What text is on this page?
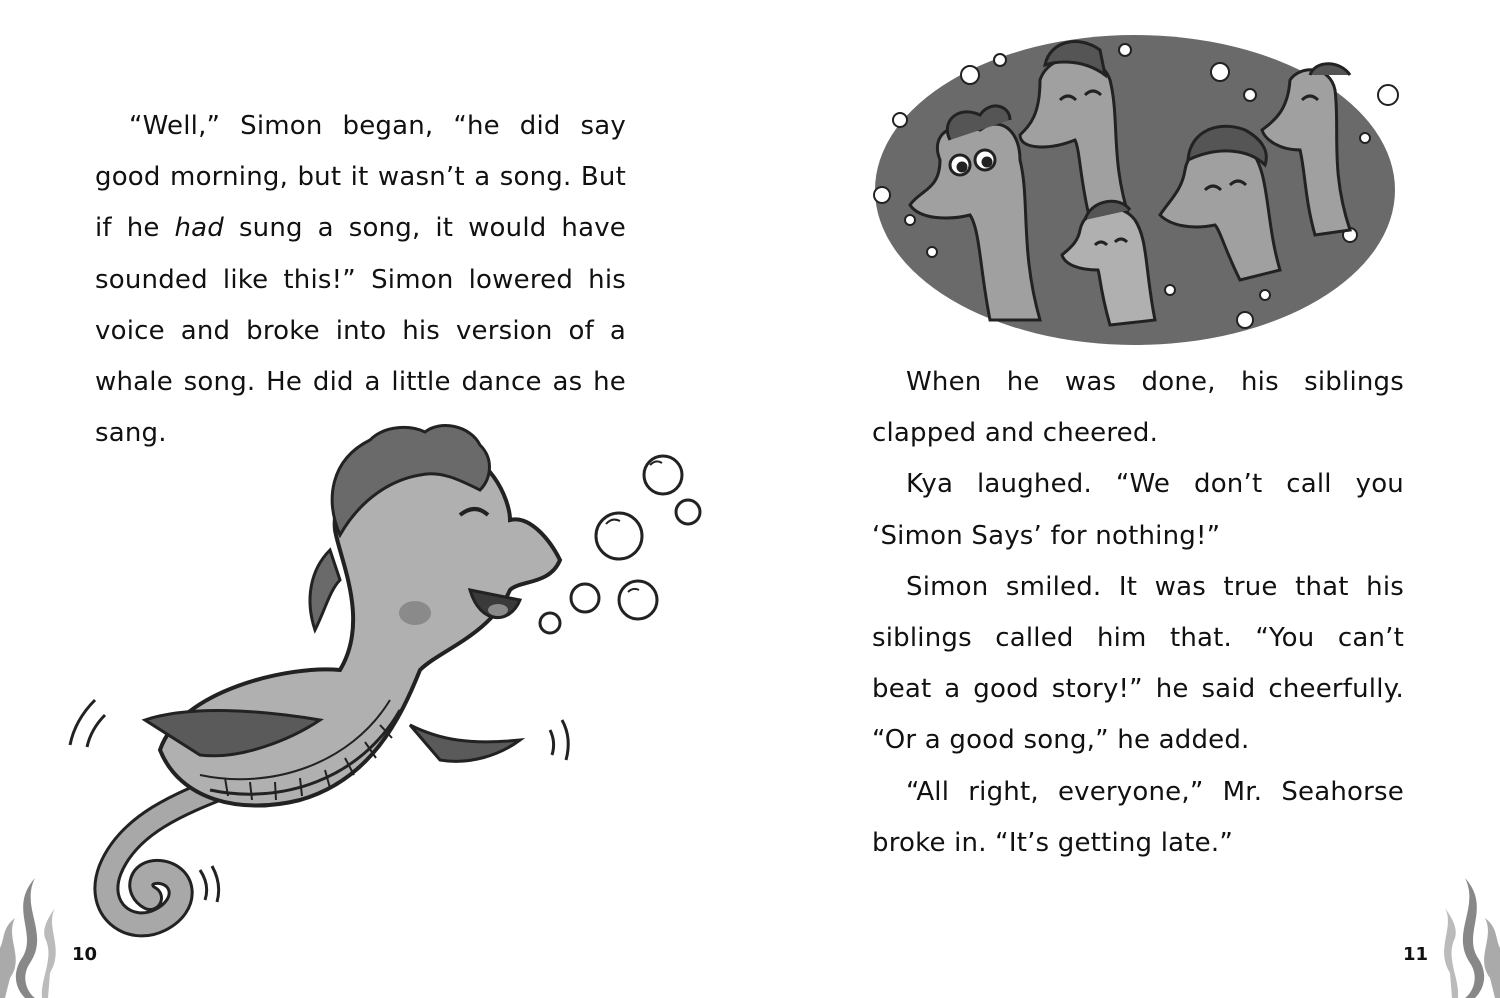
“Well,” Simon began, “he did say
good morning, but it wasn’t a song. But
if he had sung a song, it would have
sounded like this!” Simon lowered his
voice and broke into his version of a
whale song. He did a little dance as he
sang.
10
When he was done, his siblings
clapped and cheered.
Kya laughed. “We don’t call you
‘Simon Says’ for nothing!”
Simon smiled. It was true that his
siblings called him that. “You can’t
beat a good story!” he said cheerfully.
“Or a good song,” he added.
“All right, everyone,” Mr. Seahorse
broke in. “It’s getting late.”
11
